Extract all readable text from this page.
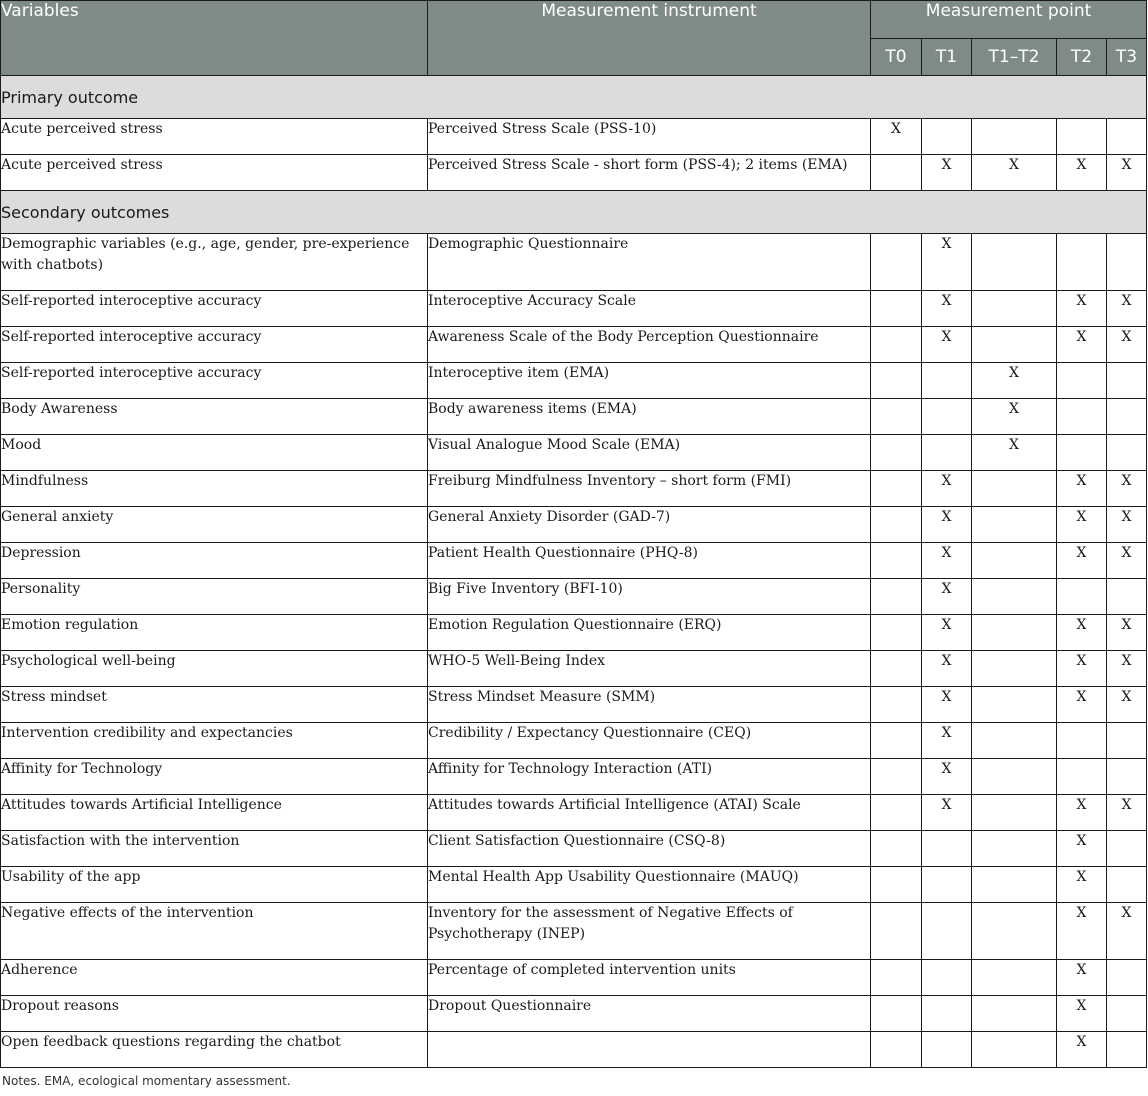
Variables	Measurement instrument	Measurement point				
		T0	T1	T1–T2	T2	T3
Primary outcome						
Acute perceived stress	Perceived Stress Scale (PSS-10)	X				
Acute perceived stress	Perceived Stress Scale - short form (PSS-4); 2 items (EMA)		X	X	X	X
Secondary outcomes						
Demographic variables (e.g., age, gender, pre-experience with chatbots)	Demographic Questionnaire		X			
Self-reported interoceptive accuracy	Interoceptive Accuracy Scale		X		X	X
Self-reported interoceptive accuracy	Awareness Scale of the Body Perception Questionnaire		X		X	X
Self-reported interoceptive accuracy	Interoceptive item (EMA)			X		
Body Awareness	Body awareness items (EMA)			X		
Mood	Visual Analogue Mood Scale (EMA)			X		
Mindfulness	Freiburg Mindfulness Inventory – short form (FMI)		X		X	X
General anxiety	General Anxiety Disorder (GAD-7)		X		X	X
Depression	Patient Health Questionnaire (PHQ-8)		X		X	X
Personality	Big Five Inventory (BFI-10)		X			
Emotion regulation	Emotion Regulation Questionnaire (ERQ)		X		X	X
Psychological well-being	WHO-5 Well-Being Index		X		X	X
Stress mindset	Stress Mindset Measure (SMM)		X		X	X
Intervention credibility and expectancies	Credibility / Expectancy Questionnaire (CEQ)		X			
Affinity for Technology	Affinity for Technology Interaction (ATI)		X			
Attitudes towards Artificial Intelligence	Attitudes towards Artificial Intelligence (ATAI) Scale		X		X	X
Satisfaction with the intervention	Client Satisfaction Questionnaire (CSQ-8)				X	
Usability of the app	Mental Health App Usability Questionnaire (MAUQ)				X	
Negative effects of the intervention	Inventory for the assessment of Negative Effects of Psychotherapy (INEP)				X	X
Adherence	Percentage of completed intervention units				X	
Dropout reasons	Dropout Questionnaire				X	
Open feedback questions regarding the chatbot					X	

Notes. EMA, ecological momentary assessment.
